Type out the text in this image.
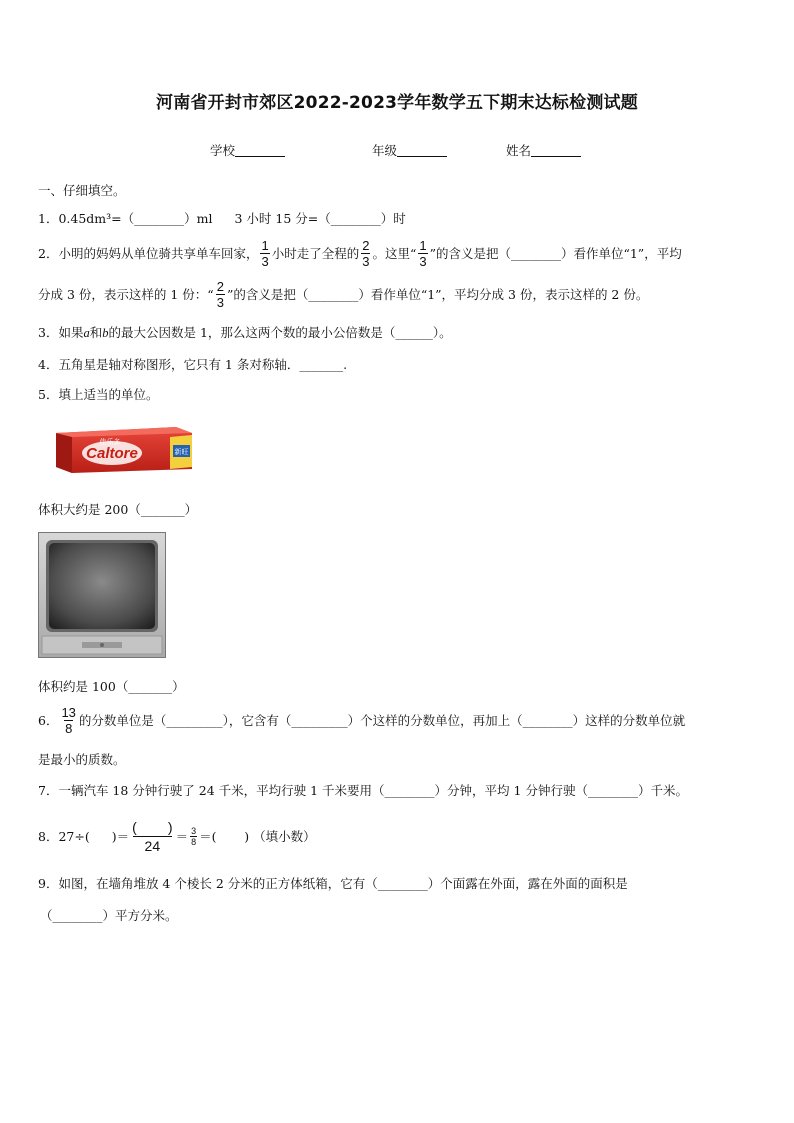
河南省开封市郊区2022-2023学年数学五下期末达标检测试题
学校	年级	姓名
一、仔细填空。
1．0.45dm³=（________）ml 3 小时 15 分=（________）时
2． 小明的妈妈从单位骑共享单车回家， $\frac{1}{3}$ 小时走了全程的 $\frac{2}{3}$ 。这里“ $\frac{1}{3}$ ”的含义是把（________）看作单位“1”，平均
分成 3 份，表示这样的 1 份：“ $\frac{2}{3}$ ”的含义是把（________）看作单位“1”，平均分成 3 份，表示这样的 2 份。
3．如果a和b的最大公因数是 1，那么这两个数的最小公倍数是（______）。
4．五角星是轴对称图形，它只有 1 条对称轴．_______.
5．填上适当的单位。
Caltore
佳乐多
新旺
体积大约是 200（_______）
体积约是 100（_______）
6． $\frac{13}{8}$ 的分数单位是（_________），它含有（_________）个这样的分数单位，再加上（________）这样的分数单位就
是最小的质数。
7．一辆汽车 18 分钟行驶了 24 千米，平均行驶 1 千米要用（________）分钟，平均 1 分钟行驶（________）千米。
8． 27÷( )＝ $\frac{( )}{24} = \frac{3}{8}$ ＝(       ) （填小数）
9．如图，在墙角堆放 4 个棱长 2 分米的正方体纸箱，它有（________）个面露在外面，露在外面的面积是
（________）平方分米。
